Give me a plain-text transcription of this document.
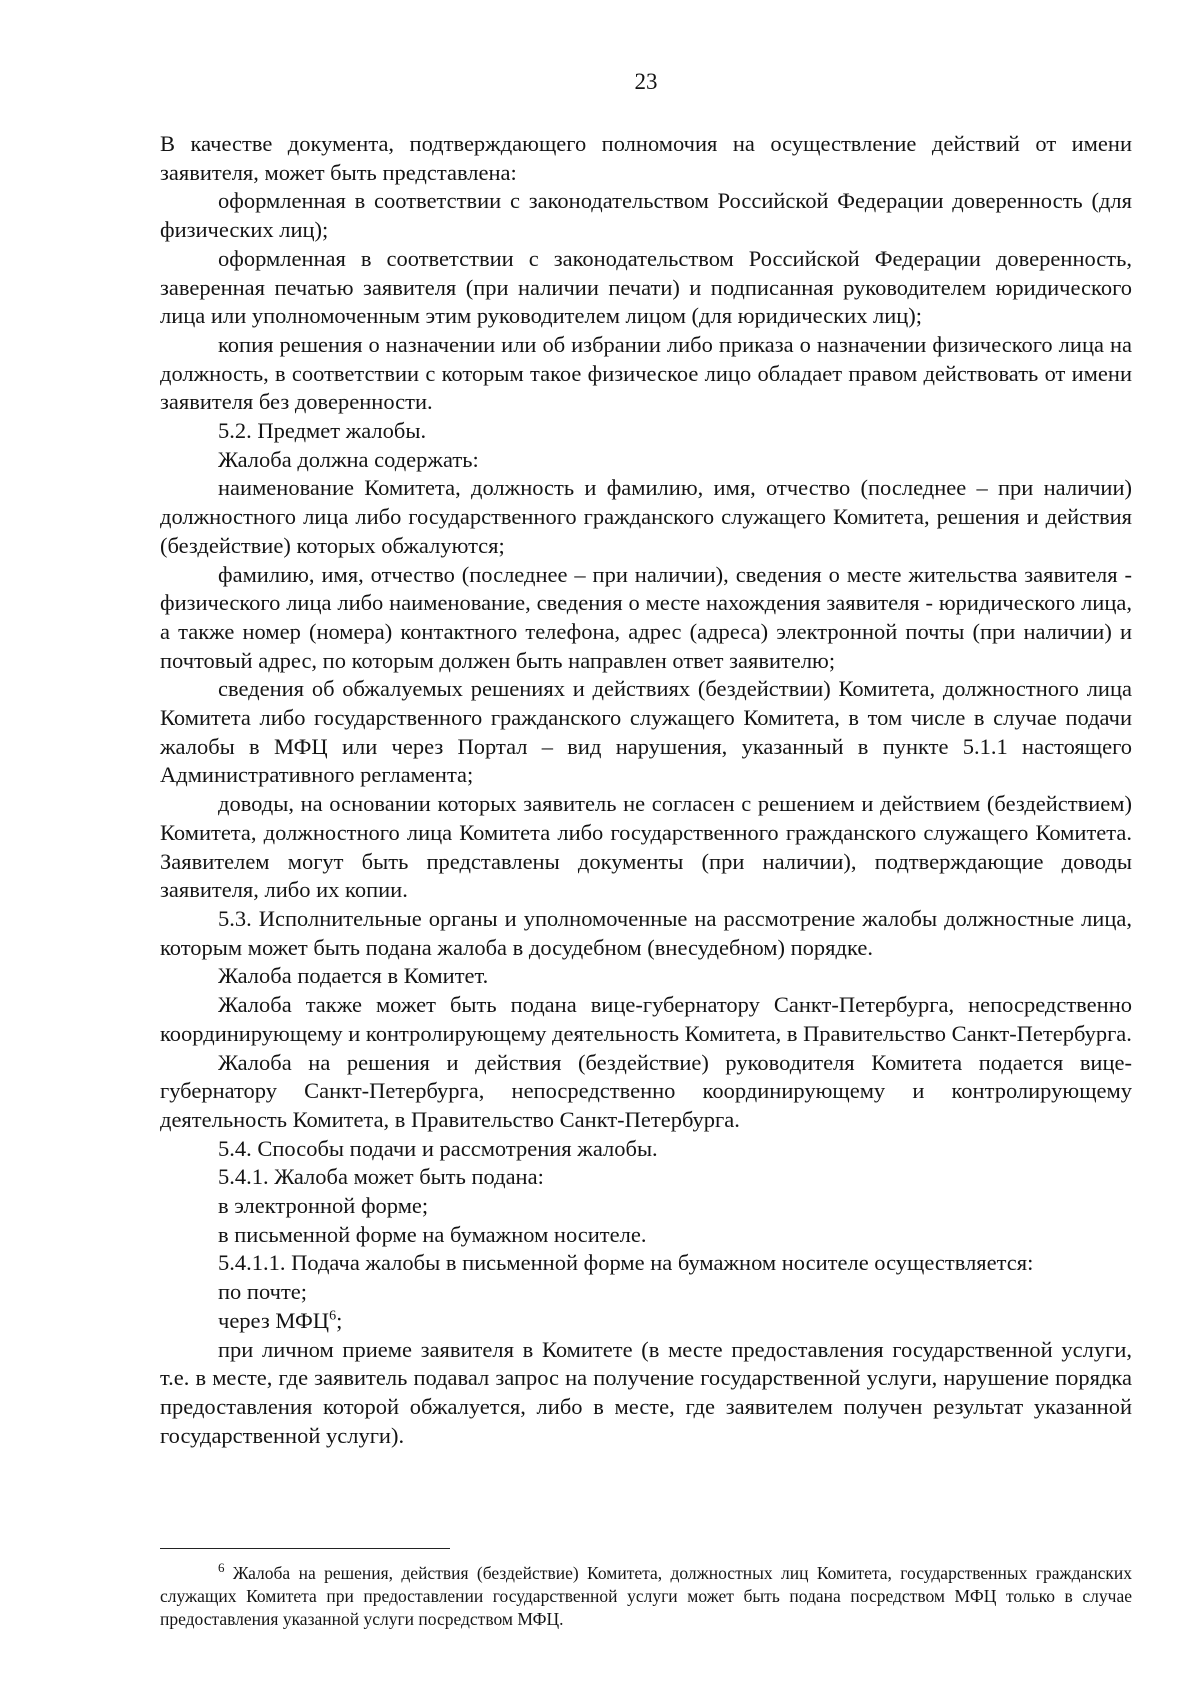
23

В качестве документа, подтверждающего полномочия на осуществление действий от имени заявителя, может быть представлена:

оформленная в соответствии с законодательством Российской Федерации доверенность (для физических лиц);

оформленная в соответствии с законодательством Российской Федерации доверенность, заверенная печатью заявителя (при наличии печати) и подписанная руководителем юридического лица или уполномоченным этим руководителем лицом (для юридических лиц);

копия решения о назначении или об избрании либо приказа о назначении физического лица на должность, в соответствии с которым такое физическое лицо обладает правом действовать от имени заявителя без доверенности.

5.2. Предмет жалобы.

Жалоба должна содержать:

наименование Комитета, должность и фамилию, имя, отчество (последнее – при наличии) должностного лица либо государственного гражданского служащего Комитета, решения и действия (бездействие) которых обжалуются;

фамилию, имя, отчество (последнее – при наличии), сведения о месте жительства заявителя - физического лица либо наименование, сведения о месте нахождения заявителя - юридического лица, а также номер (номера) контактного телефона, адрес (адреса) электронной почты (при наличии) и почтовый адрес, по которым должен быть направлен ответ заявителю;

сведения об обжалуемых решениях и действиях (бездействии) Комитета, должностного лица Комитета либо государственного гражданского служащего Комитета, в том числе в случае подачи жалобы в МФЦ или через Портал – вид нарушения, указанный в пункте 5.1.1 настоящего Административного регламента;

доводы, на основании которых заявитель не согласен с решением и действием (бездействием) Комитета, должностного лица Комитета либо государственного гражданского служащего Комитета. Заявителем могут быть представлены документы (при наличии), подтверждающие доводы заявителя, либо их копии.

5.3. Исполнительные органы и уполномоченные на рассмотрение жалобы должностные лица, которым может быть подана жалоба в досудебном (внесудебном) порядке.

Жалоба подается в Комитет.

Жалоба также может быть подана вице-губернатору Санкт-Петербурга, непосредственно координирующему и контролирующему деятельность Комитета, в Правительство Санкт-Петербурга.

Жалоба на решения и действия (бездействие) руководителя Комитета подается вице-губернатору Санкт-Петербурга, непосредственно координирующему и контролирующему деятельность Комитета, в Правительство Санкт-Петербурга.

5.4. Способы подачи и рассмотрения жалобы.

5.4.1. Жалоба может быть подана:

в электронной форме;

в письменной форме на бумажном носителе.

5.4.1.1. Подача жалобы в письменной форме на бумажном носителе осуществляется:

по почте;

через МФЦ$^6$;

при личном приеме заявителя в Комитете (в месте предоставления государственной услуги, т.е. в месте, где заявитель подавал запрос на получение государственной услуги, нарушение порядка предоставления которой обжалуется, либо в месте, где заявителем получен результат указанной государственной услуги).

$^6$ Жалоба на решения, действия (бездействие) Комитета, должностных лиц Комитета, государственных гражданских служащих Комитета при предоставлении государственной услуги может быть подана посредством МФЦ только в случае предоставления указанной услуги посредством МФЦ.
